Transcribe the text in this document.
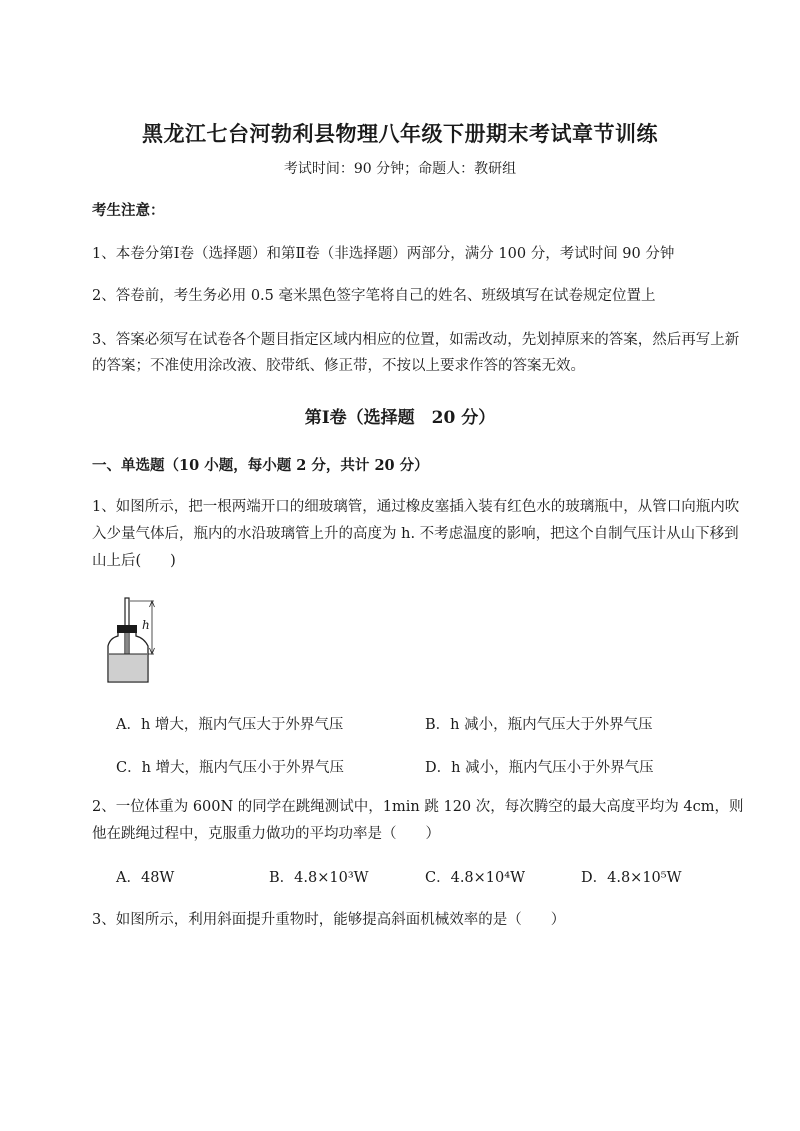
黑龙江七台河勃利县物理八年级下册期末考试章节训练
考试时间：90 分钟；命题人：教研组
考生注意：
1、本卷分第Ⅰ卷（选择题）和第Ⅱ卷（非选择题）两部分，满分 100 分，考试时间 90 分钟
2、答卷前，考生务必用 0.5 毫米黑色签字笔将自己的姓名、班级填写在试卷规定位置上
3、答案必须写在试卷各个题目指定区域内相应的位置，如需改动，先划掉原来的答案，然后再写上新的答案；不准使用涂改液、胶带纸、修正带，不按以上要求作答的答案无效。
第Ⅰ卷（选择题　20 分）
一、单选题（10 小题，每小题 2 分，共计 20 分）
1、如图所示，把一根两端开口的细玻璃管，通过橡皮塞插入装有红色水的玻璃瓶中，从管口向瓶内吹入少量气体后，瓶内的水沿玻璃管上升的高度为 h. 不考虑温度的影响，把这个自制气压计从山下移到山上后(　　)
h
A．h 增大，瓶内气压大于外界气压	B．h 减小，瓶内气压大于外界气压
C．h 增大，瓶内气压小于外界气压	D．h 减小，瓶内气压小于外界气压
2、一位体重为 600N 的同学在跳绳测试中，1min 跳 120 次，每次腾空的最大高度平均为 4cm，则他在跳绳过程中，克服重力做功的平均功率是（　　）
A．48W	B．4.8×10³W	C．4.8×10⁴W	D．4.8×10⁵W
3、如图所示，利用斜面提升重物时，能够提高斜面机械效率的是（　　）
